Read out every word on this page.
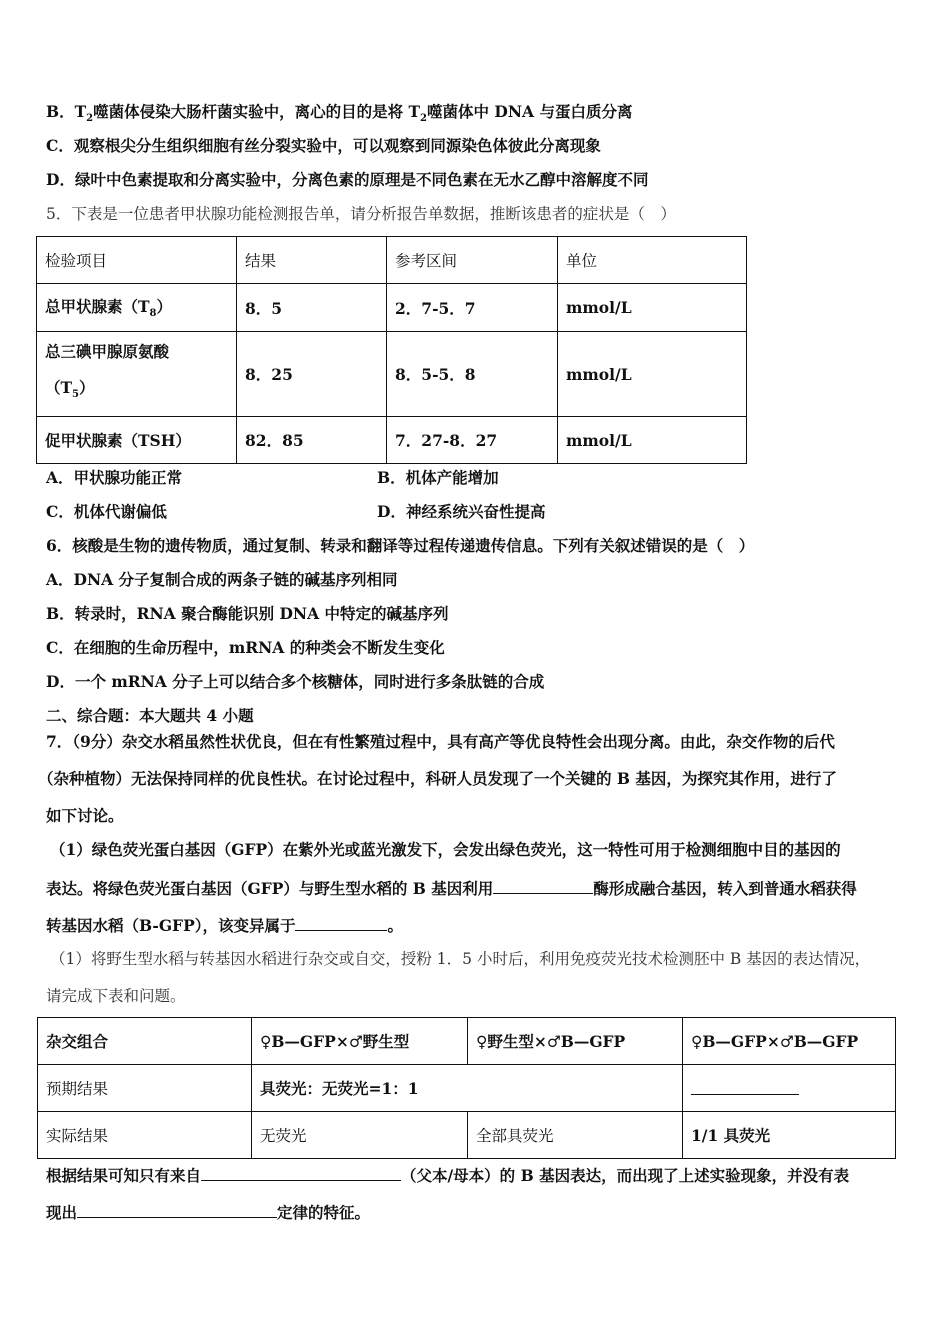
B．$T_2$噬菌体侵染大肠杆菌实验中，离心的目的是将 $T_2$噬菌体中 DNA 与蛋白质分离
C．观察根尖分生组织细胞有丝分裂实验中，可以观察到同源染色体彼此分离现象
D．绿叶中色素提取和分离实验中，分离色素的原理是不同色素在无水乙醇中溶解度不同
5．下表是一位患者甲状腺功能检测报告单，请分析报告单数据，推断该患者的症状是（　）
检验项目	结果	参考区间	单位
总甲状腺素$(T_8)$	8．5	2．7-5．7	mmol/L
总三碘甲腺原氨酸
$(T_5)$	8．25	8．5-5．8	mmol/L
促甲状腺素（TSH）	82．85	7．27-8．27	mmol/L
A．甲状腺功能正常	B．机体产能增加
C．机体代谢偏低	D．神经系统兴奋性提高
6．核酸是生物的遗传物质，通过复制、转录和翻译等过程传递遗传信息。下列有关叙述错误的是（　）
A．DNA 分子复制合成的两条子链的碱基序列相同
B．转录时，RNA 聚合酶能识别 DNA 中特定的碱基序列
C．在细胞的生命历程中，mRNA 的种类会不断发生变化
D．一个 mRNA 分子上可以结合多个核糖体，同时进行多条肽链的合成
二、综合题：本大题共 4 小题
7．（9分）杂交水稻虽然性状优良，但在有性繁殖过程中，具有高产等优良特性会出现分离。由此，杂交作物的后代
（杂种植物）无法保持同样的优良性状。在讨论过程中，科研人员发现了一个关键的 B 基因，为探究其作用，进行了
如下讨论。
（1）绿色荧光蛋白基因（GFP）在紫外光或蓝光激发下，会发出绿色荧光，这一特性可用于检测细胞中目的基因的
表达。将绿色荧光蛋白基因（GFP）与野生型水稻的 B 基因利用	酶形成融合基因，转入到普通水稻获得
转基因水稻（B-GFP），该变异属于	。
（1）将野生型水稻与转基因水稻进行杂交或自交，授粉 1．5 小时后，利用免疫荧光技术检测胚中 B 基因的表达情况，
请完成下表和问题。
杂交组合	♀B—GFP×♂野生型	♀野生型×♂B—GFP	♀B—GFP×♂B—GFP
预期结果	具荧光：无荧光=1：1		
实际结果	无荧光	全部具荧光	1/1 具荧光
根据结果可知只有来自	（父本/母本）的 B 基因表达，而出现了上述实验现象，并没有表
现出	定律的特征。
